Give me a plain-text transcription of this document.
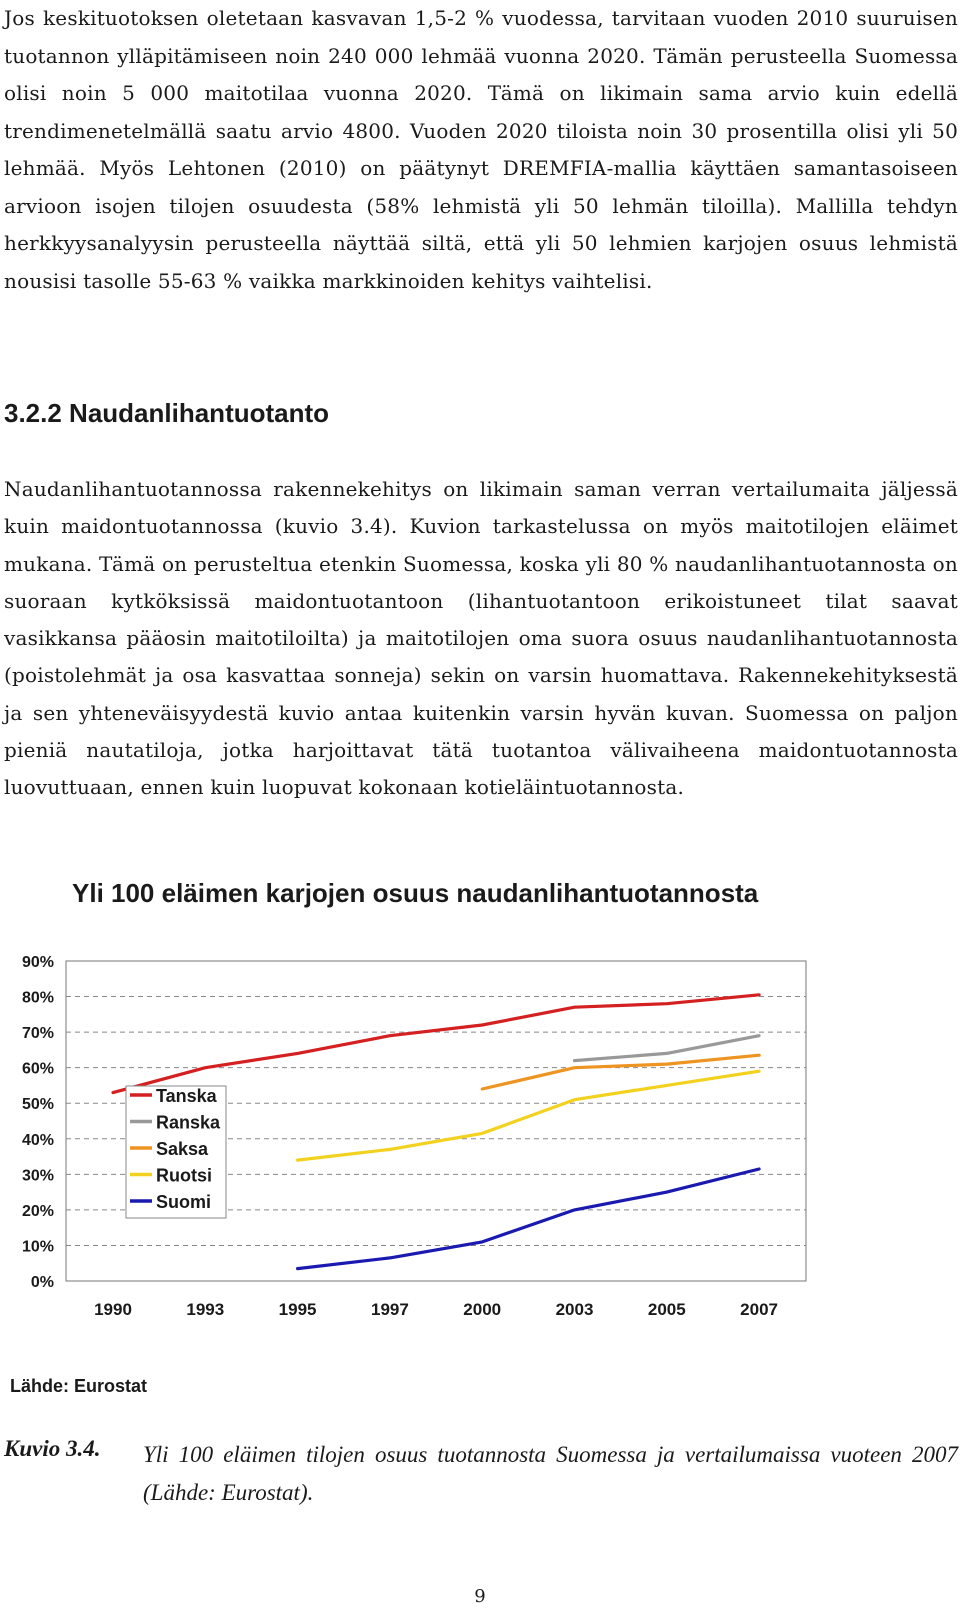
Jos keskituotoksen oletetaan kasvavan 1,5-2 % vuodessa, tarvitaan vuoden 2010 suuruisen tuotannon ylläpitämiseen noin 240 000 lehmää vuonna 2020. Tämän perusteella Suomessa olisi noin 5 000 maitotilaa vuonna 2020. Tämä on likimain sama arvio kuin edellä trendimenetelmällä saatu arvio 4800. Vuoden 2020 tiloista noin 30 prosentilla olisi yli 50 lehmää. Myös Lehtonen (2010) on päätynyt DREMFIA-mallia käyttäen samantasoiseen arvioon isojen tilojen osuudesta (58% lehmistä yli 50 lehmän tiloilla). Mallilla tehdyn herkkyysanalyysin perusteella näyttää siltä, että yli 50 lehmien karjojen osuus lehmistä nousisi tasolle 55-63 % vaikka markkinoiden kehitys vaihtelisi.

3.2.2 Naudanlihantuotanto

Naudanlihantuotannossa rakennekehitys on likimain saman verran vertailumaita jäljessä kuin maidontuotannossa (kuvio 3.4). Kuvion tarkastelussa on myös maitotilojen eläimet mukana. Tämä on perusteltua etenkin Suomessa, koska yli 80 % naudanlihantuotannosta on suoraan kytköksissä maidontuotantoon (lihantuotantoon erikoistuneet tilat saavat vasikkansa pääosin maitotiloilta) ja maitotilojen oma suora osuus naudanlihantuotannosta (poistolehmät ja osa kasvattaa sonneja) sekin on varsin huomattava. Rakennekehityksestä ja sen yhteneväisyydestä kuvio antaa kuitenkin varsin hyvän kuvan. Suomessa on paljon pieniä nautatiloja, jotka harjoittavat tätä tuotantoa välivaiheena maidontuotannosta luovuttuaan, ennen kuin luopuvat kokonaan kotieläintuotannosta.

Yli 100 eläimen karjojen osuus naudanlihantuotannosta
0%
10%
20%
30%
40%
50%
60%
70%
80%
90%
1990	1993	1995	1997	2000	2003	2005	2007
Tanska
Ranska
Saksa
Ruotsi
Suomi
Lähde: Eurostat
Kuvio 3.4. Yli 100 eläimen tilojen osuus tuotannosta Suomessa ja vertailumaissa vuoteen 2007 (Lähde: Eurostat).

9
